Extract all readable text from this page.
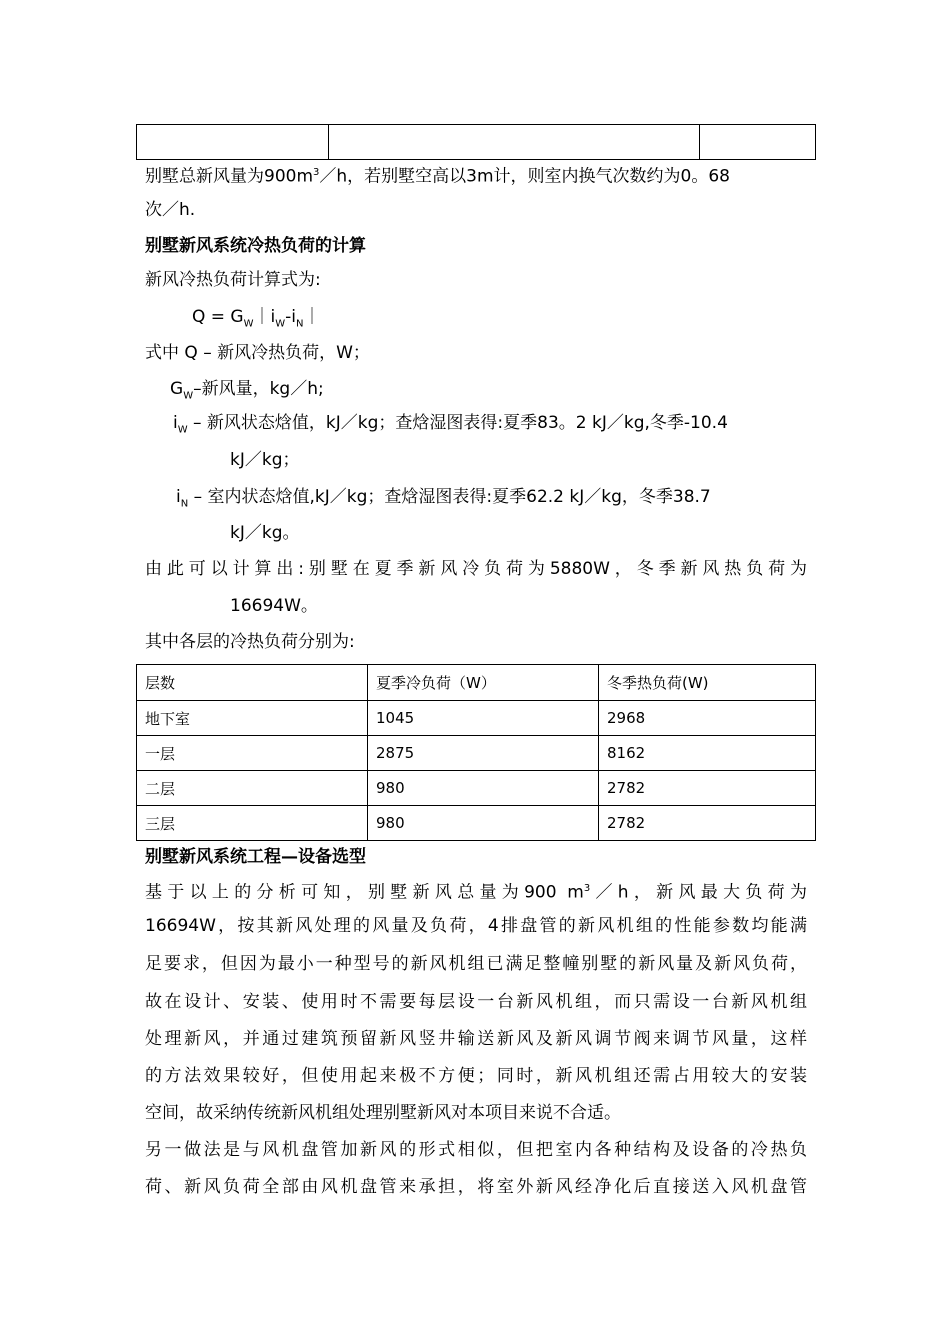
别墅总新风量为$900m^3/h$，若别墅空高以3m计，则室内换气次数约为0。68
次／h.
别墅新风系统冷热负荷的计算
新风冷热负荷计算式为:
$Q = G_W|i_W-i_N|$
式中 Q – 新风冷热负荷，W；
$G_W-$新风量，kg／h;
$i_W$ – 新风状态焓值，kJ／kg；查焓湿图表得:夏季83。2 kJ／kg,冬季-10.4
kJ／kg；
$i_N$ – 室内状态焓值,kJ／kg；查焓湿图表得:夏季62.2 kJ／kg，冬季38.7
kJ／kg。
由此可以计算出:别墅在夏季新风冷负荷为5880W，冬季新风热负荷为
16694W。
其中各层的冷热负荷分别为:
层数	夏季冷负荷（W）	冬季热负荷(W)
地下室	1045	2968
一层	2875	8162
二层	980	2782
三层	980	2782
别墅新风系统工程—设备选型
基于以上的分析可知，别墅新风总量为900 $m^3/h$，新风最大负荷为
16694W，按其新风处理的风量及负荷，4排盘管的新风机组的性能参数均能满
足要求，但因为最小一种型号的新风机组已满足整幢别墅的新风量及新风负荷，
故在设计、安装、使用时不需要每层设一台新风机组，而只需设一台新风机组
处理新风，并通过建筑预留新风竖井输送新风及新风调节阀来调节风量，这样
的方法效果较好，但使用起来极不方便；同时，新风机组还需占用较大的安装
空间，故采纳传统新风机组处理别墅新风对本项目来说不合适。
另一做法是与风机盘管加新风的形式相似，但把室内各种结构及设备的冷热负
荷、新风负荷全部由风机盘管来承担，将室外新风经净化后直接送入风机盘管
